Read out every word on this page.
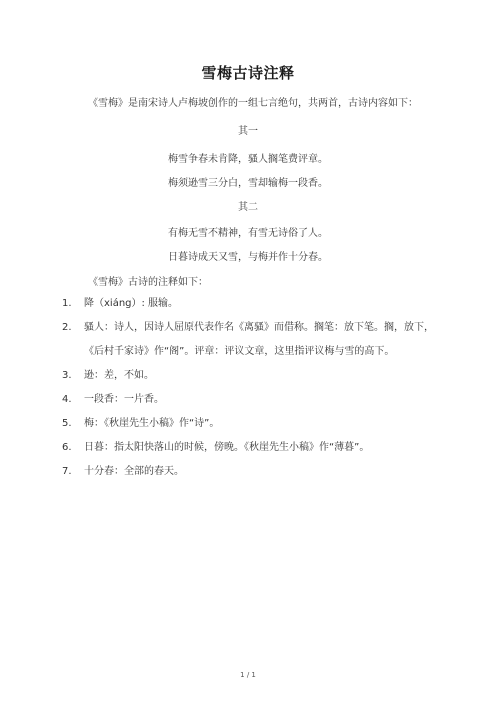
雪梅古诗注释
《雪梅》是南宋诗人卢梅坡创作的一组七言绝句，共两首，古诗内容如下：
其一
梅雪争春未肯降，骚人搁笔费评章。
梅须逊雪三分白，雪却输梅一段香。
其二
有梅无雪不精神，有雪无诗俗了人。
日暮诗成天又雪，与梅并作十分春。
《雪梅》古诗的注释如下：
1. 降（xiáng）: 服输。
2. 骚人：诗人，因诗人屈原代表作名《离骚》而借称。搁笔：放下笔。搁，放下，《后村千家诗》作“阁”。评章：评议文章，这里指评议梅与雪的高下。
3. 逊：差，不如。
4. 一段香：一片香。
5. 梅：《秋崖先生小稿》作“诗”。
6. 日暮：指太阳快落山的时候，傍晚。《秋崖先生小稿》作“薄暮”。
7. 十分春：全部的春天。
1 / 1
